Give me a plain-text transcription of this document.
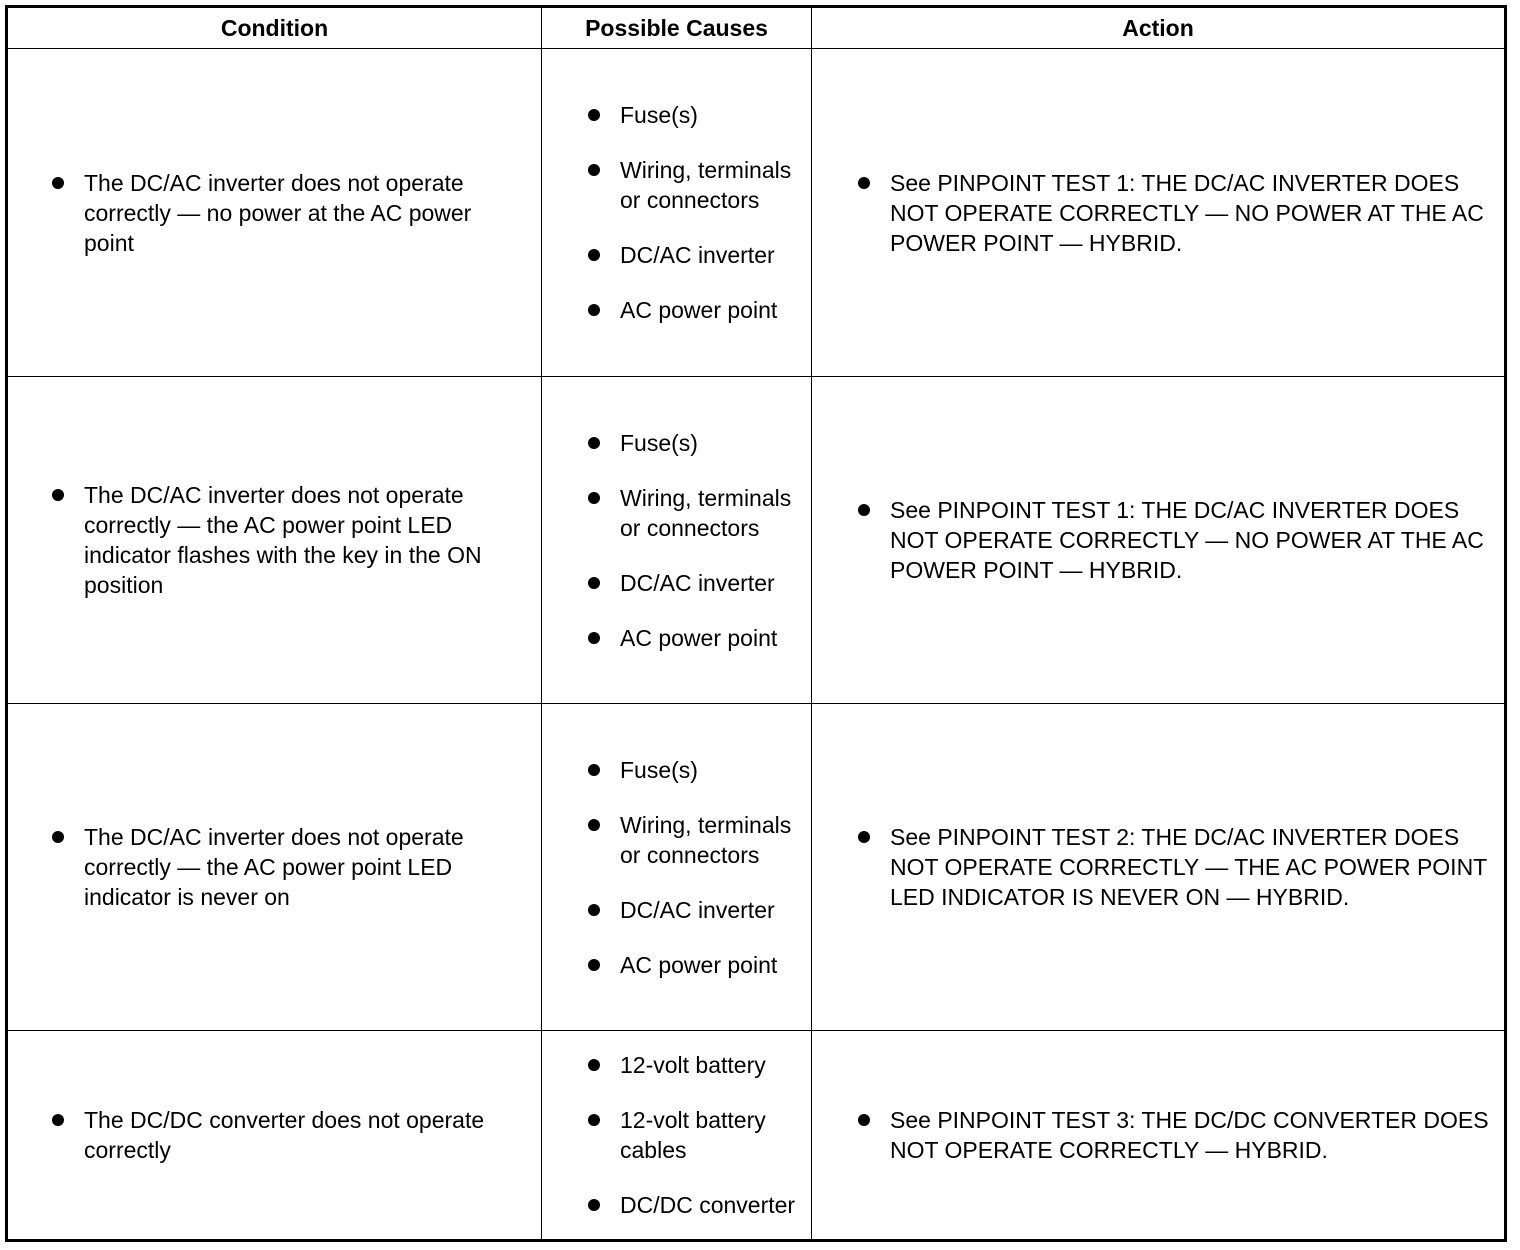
Condition	Possible Causes	Action
The DC/AC inverter does not operate correctly — no power at the AC power point
Fuse(s)
Wiring, terminals or connectors
DC/AC inverter
AC power point
See PINPOINT TEST 1: THE DC/AC INVERTER DOES NOT OPERATE CORRECTLY — NO POWER AT THE AC POWER POINT — HYBRID.
The DC/AC inverter does not operate correctly — the AC power point LED indicator flashes with the key in the ON position
Fuse(s)
Wiring, terminals or connectors
DC/AC inverter
AC power point
See PINPOINT TEST 1: THE DC/AC INVERTER DOES NOT OPERATE CORRECTLY — NO POWER AT THE AC POWER POINT — HYBRID.
The DC/AC inverter does not operate correctly — the AC power point LED indicator is never on
Fuse(s)
Wiring, terminals or connectors
DC/AC inverter
AC power point
See PINPOINT TEST 2: THE DC/AC INVERTER DOES NOT OPERATE CORRECTLY — THE AC POWER POINT LED INDICATOR IS NEVER ON — HYBRID.
The DC/DC converter does not operate correctly
12-volt battery
12-volt battery cables
DC/DC converter
See PINPOINT TEST 3: THE DC/DC CONVERTER DOES NOT OPERATE CORRECTLY — HYBRID.
